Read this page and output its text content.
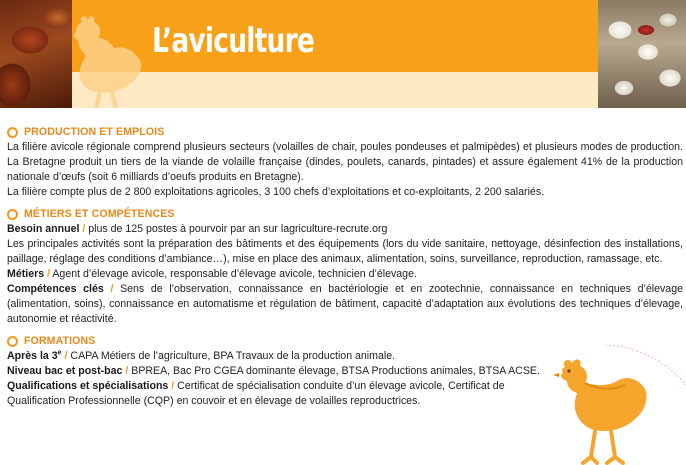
L’aviculture
PRODUCTION ET EMPLOIS

La filière avicole régionale comprend plusieurs secteurs (volailles de chair, poules pondeuses et palmipèdes) et plusieurs modes de production. La Bretagne produit un tiers de la viande de volaille française (dindes, poulets, canards, pintades) et assure également 41% de la production nationale d’œufs (soit 6 milliards d’oeufs produits en Bretagne).

La filière compte plus de 2 800 exploitations agricoles, 3 100 chefs d’exploitations et co-exploitants, 2 200 salariés.

MÉTIERS ET COMPÉTENCES

Besoin annuel / plus de 125 postes à pourvoir par an sur lagriculture-recrute.org

Les principales activités sont la préparation des bâtiments et des équipements (lors du vide sanitaire, nettoyage, désinfection des installations, paillage, réglage des conditions d’ambiance…), mise en place des animaux, alimentation, soins, surveillance, reproduction, ramassage, etc.

Métiers / Agent d’élevage avicole, responsable d’élevage avicole, technicien d’élevage.

Compétences clés / Sens de l’observation, connaissance en bactériologie et en zootechnie, connaissance en techniques d’élevage (alimentation, soins), connaissance en automatisme et régulation de bâtiment, capacité d’adaptation aux évolutions des techniques d’élevage, autonomie et réactivité.

FORMATIONS

Après la 3e / CAPA Métiers de l’agriculture, BPA Travaux de la production animale.

Niveau bac et post-bac / BPREA, Bac Pro CGEA dominante élevage, BTSA Productions animales, BTSA ACSE.

Qualifications et spécialisations / Certificat de spécialisation conduite d’un élevage avicole, Certificat de Qualification Professionnelle (CQP) en couvoir et en élevage de volailles reproductrices.
